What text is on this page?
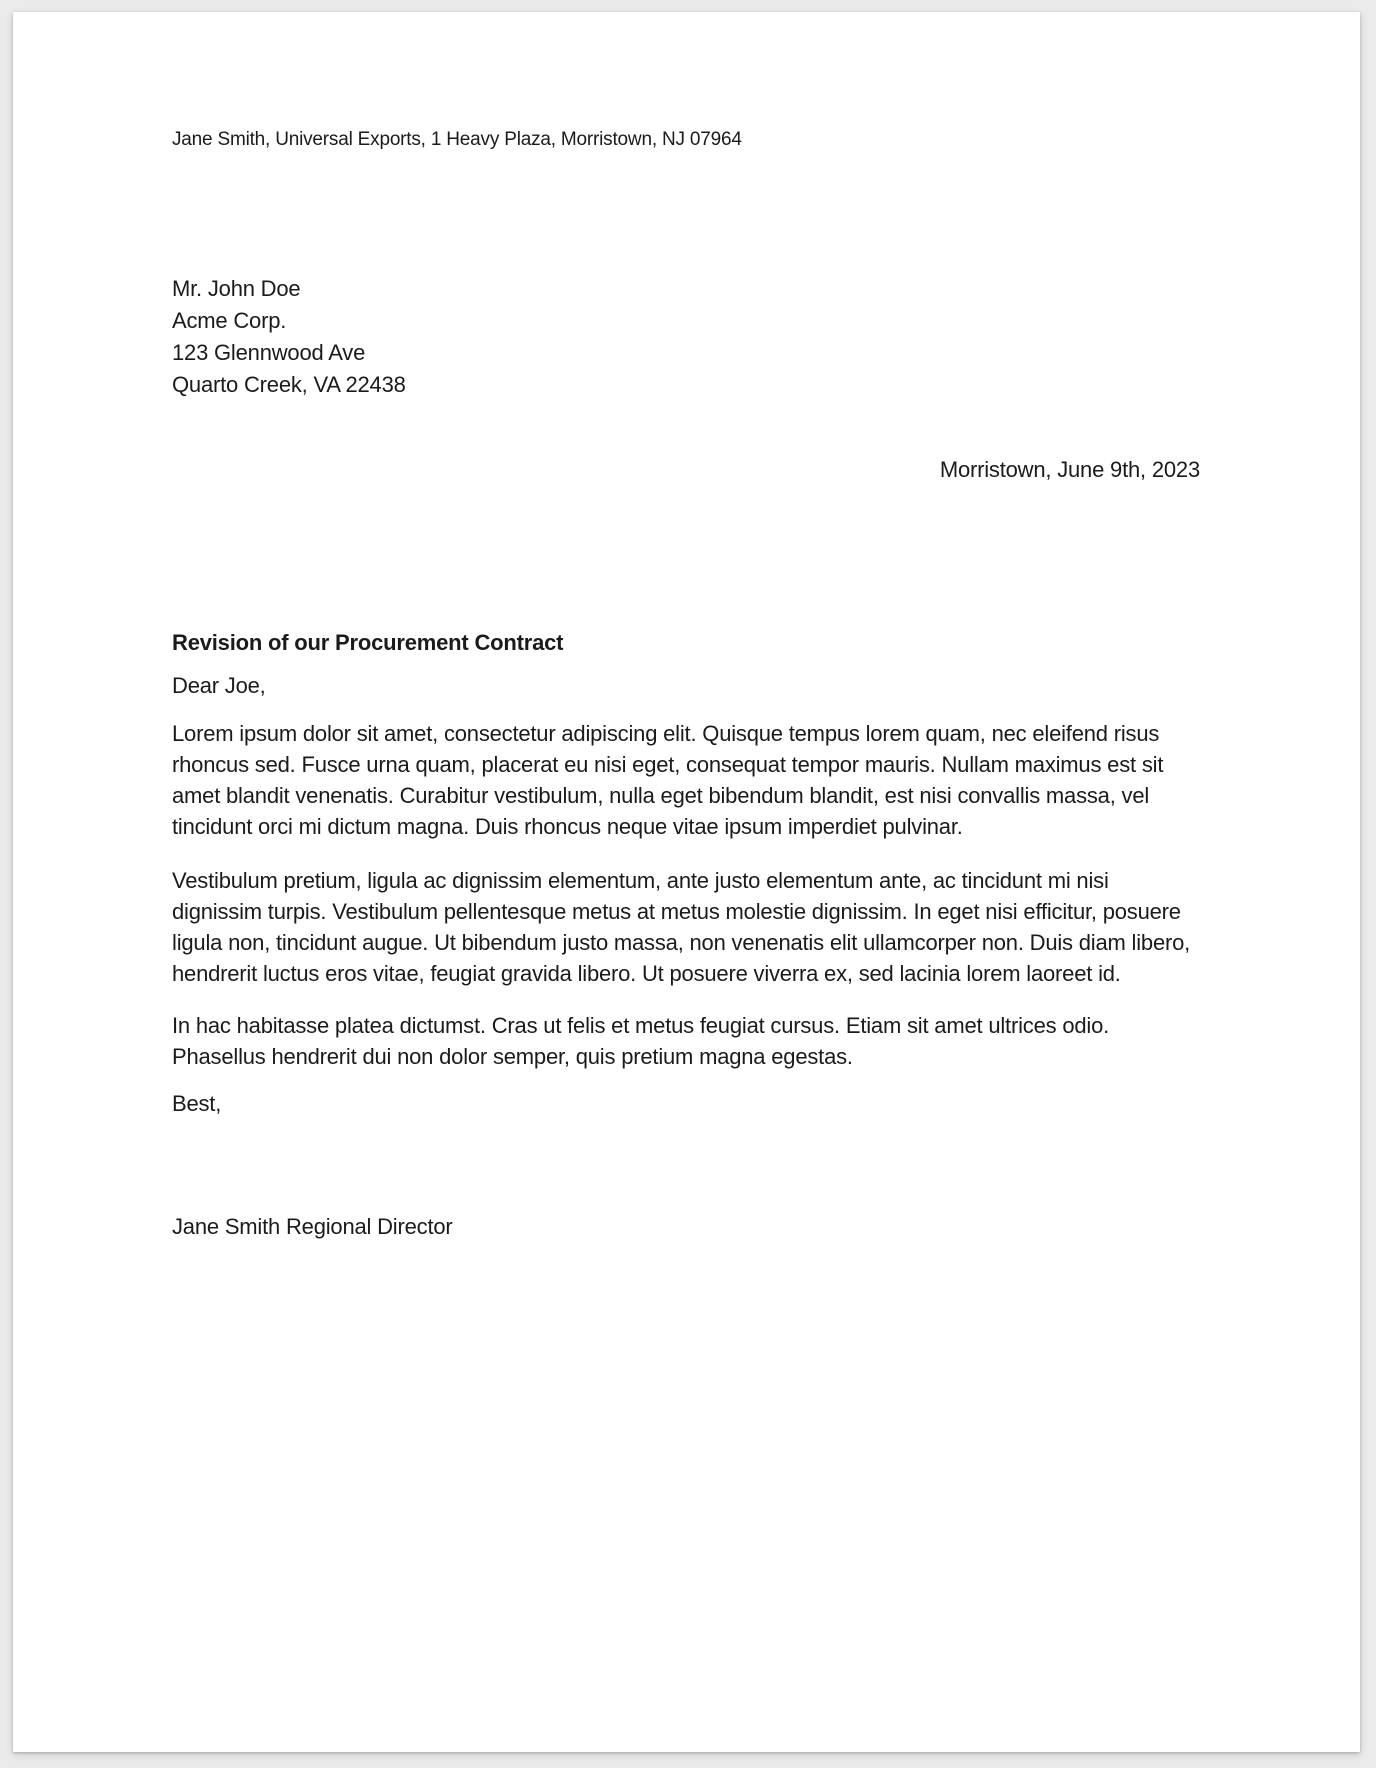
Jane Smith, Universal Exports, 1 Heavy Plaza, Morristown, NJ 07964
Mr. John Doe
Acme Corp.
123 Glennwood Ave
Quarto Creek, VA 22438
Morristown, June 9th, 2023
Revision of our Procurement Contract
Dear Joe,

Lorem ipsum dolor sit amet, consectetur adipiscing elit. Quisque tempus lorem quam, nec eleifend risus rhoncus sed. Fusce urna quam, placerat eu nisi eget, consequat tempor mauris. Nullam maximus est sit amet blandit venenatis. Curabitur vestibulum, nulla eget bibendum blandit, est nisi convallis massa, vel tincidunt orci mi dictum magna. Duis rhoncus neque vitae ipsum imperdiet pulvinar.

Vestibulum pretium, ligula ac dignissim elementum, ante justo elementum ante, ac tincidunt mi nisi dignissim turpis. Vestibulum pellentesque metus at metus molestie dignissim. In eget nisi efficitur, posuere ligula non, tincidunt augue. Ut bibendum justo massa, non venenatis elit ullamcorper non. Duis diam libero, hendrerit luctus eros vitae, feugiat gravida libero. Ut posuere viverra ex, sed lacinia lorem laoreet id.

In hac habitasse platea dictumst. Cras ut felis et metus feugiat cursus. Etiam sit amet ultrices odio. Phasellus hendrerit dui non dolor semper, quis pretium magna egestas.

Best,
Jane Smith Regional Director
